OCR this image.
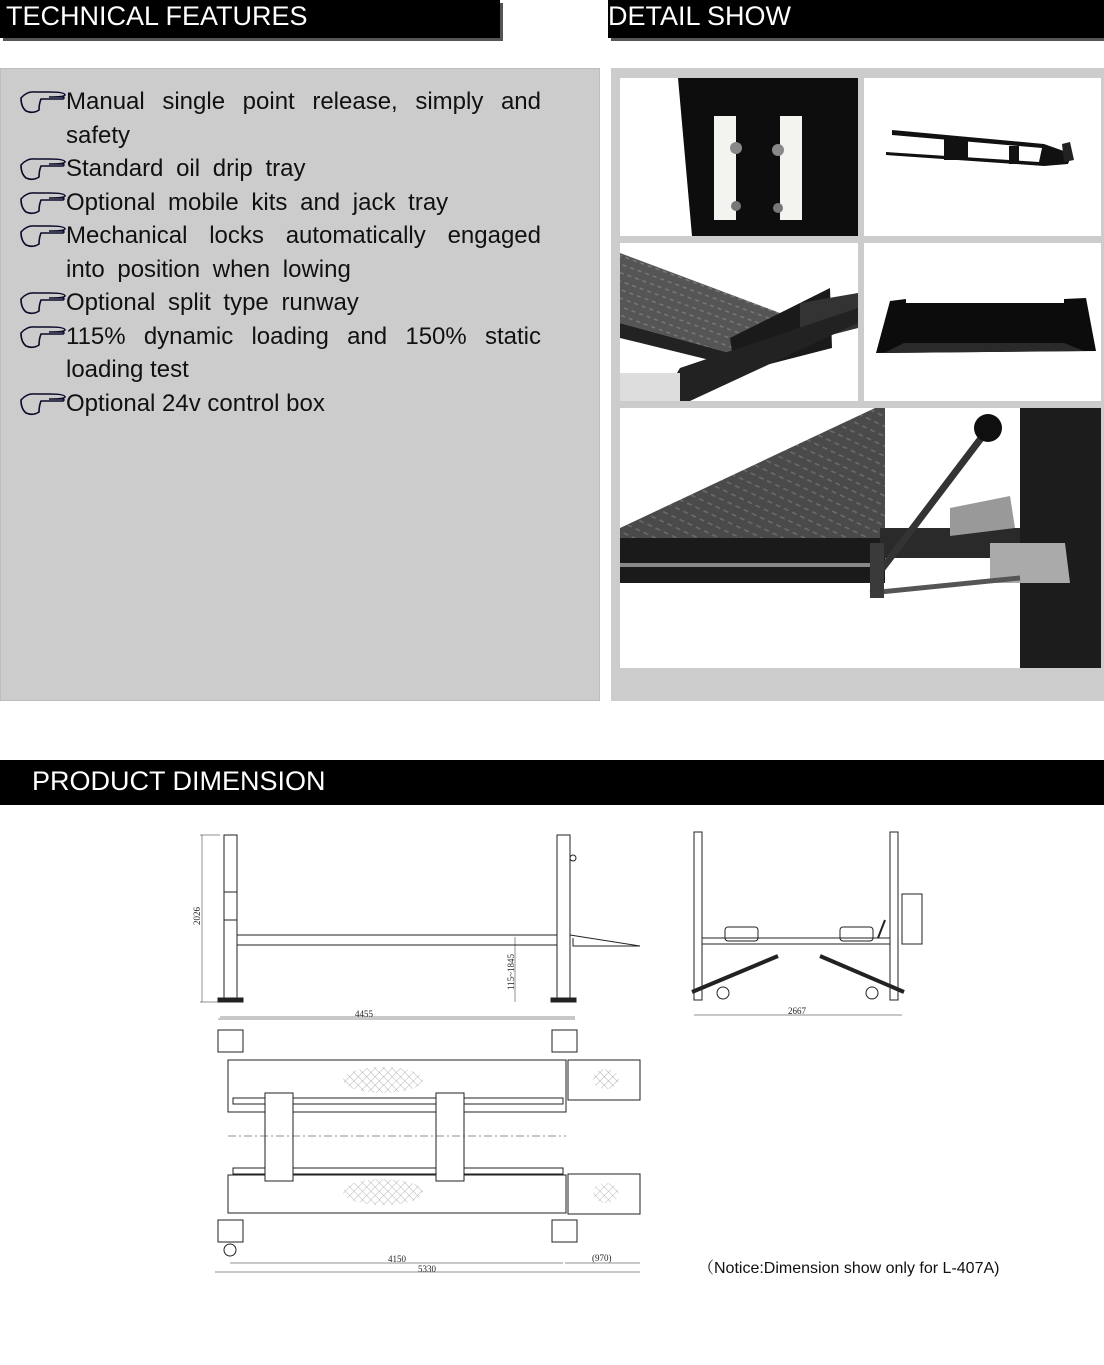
TECHNICAL FEATURES	DETAIL SHOW
Manual single point release, simply and safety
Standard oil drip tray
Optional mobile kits and jack tray
Mechanical locks automatically engaged into position when lowing
Optional split type runway
115% dynamic loading and 150% static loading test
Optional 24v control box
PRODUCT DIMENSION
2026
115~1845
4455
4150	(970)
5330
2667
（Notice:Dimension show only for L-407A)
